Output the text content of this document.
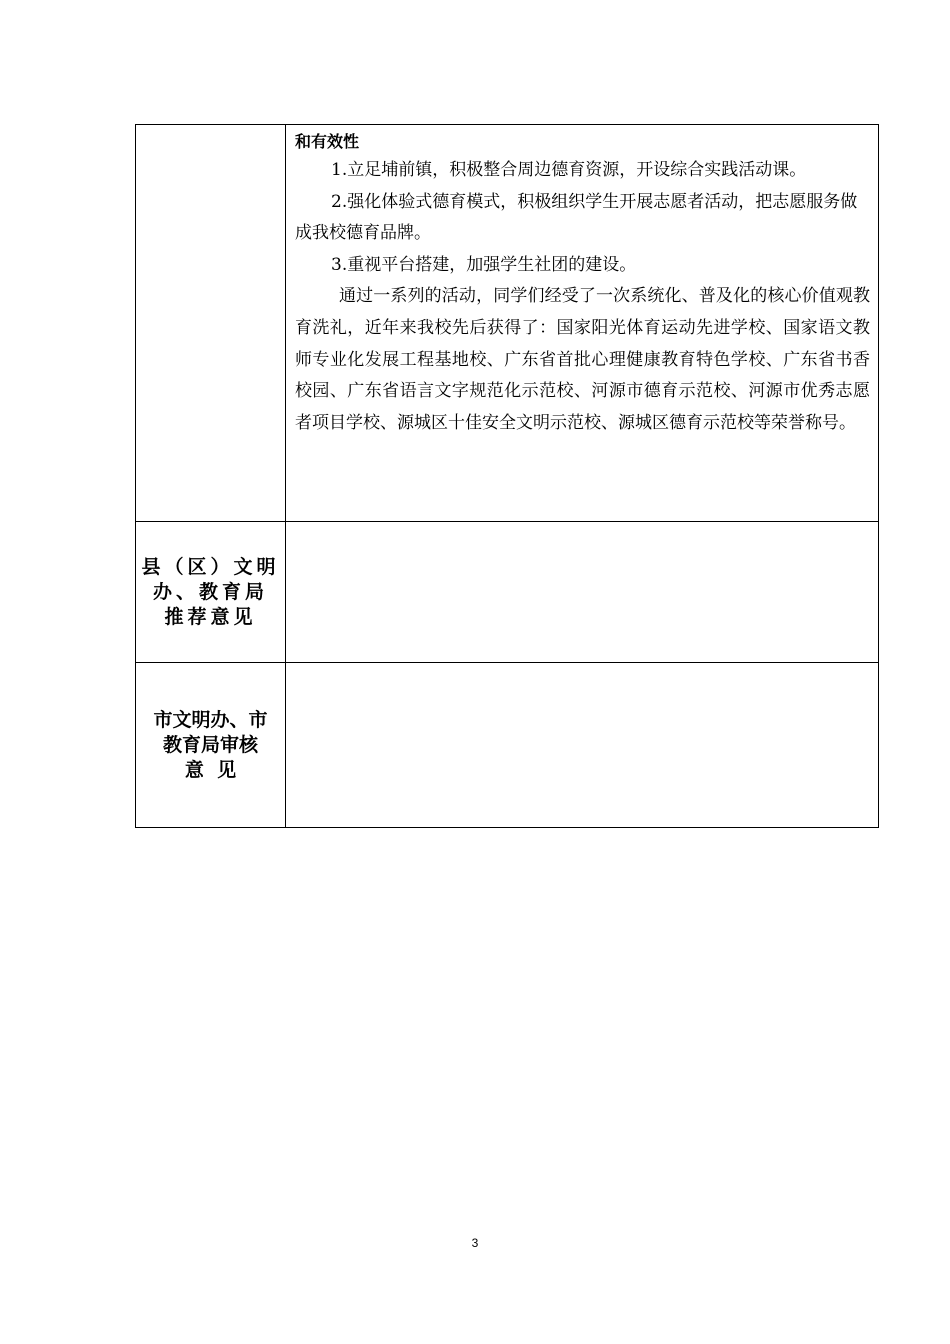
	和有效性

1.立足埔前镇，积极整合周边德育资源，开设综合实践活动课。

2.强化体验式德育模式，积极组织学生开展志愿者活动，把志愿服务做成我校德育品牌。

3.重视平台搭建，加强学生社团的建设。

通过一系列的活动，同学们经受了一次系统化、普及化的核心价值观教育洗礼，近年来我校先后获得了：国家阳光体育运动先进学校、国家语文教师专业化发展工程基地校、广东省首批心理健康教育特色学校、广东省书香校园、广东省语言文字规范化示范校、河源市德育示范校、河源市优秀志愿者项目学校、源城区十佳安全文明示范校、源城区德育示范校等荣誉称号。

县（区）文明
办、教育局
推荐意见	

市文明办、市
教育局审核
意  见	

3
